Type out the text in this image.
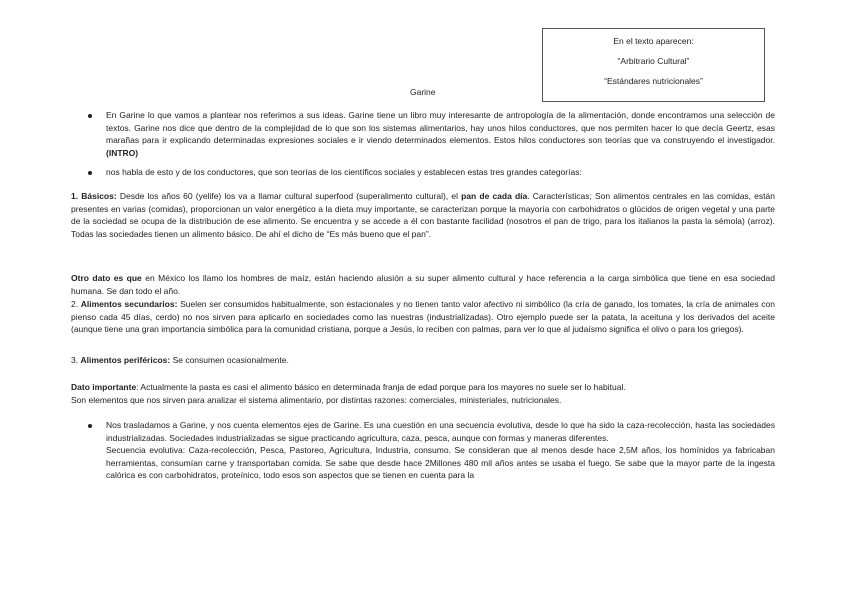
En el texto aparecen:

“Arbitrario Cultural”

“Estándares nutricionales”

Garine

En Garine lo que vamos a plantear nos referimos a sus ideas. Garine tiene un libro muy interesante de antropología de la alimentación, donde encontramos una selección de textos. Garine nos dice que dentro de la complejidad de lo que son los sistemas alimentarios, hay unos hilos conductores, que nos permiten hacer lo que decía Geertz, esas marañas para ir explicando determinadas expresiones sociales e ir viendo determinados elementos. Estos hilos conductores son teorías que va construyendo el investigador. (INTRO)

nos habla de esto y de los conductores, que son teorías de los científicos sociales y establecen estas tres grandes categorías:

1. Básicos: Desde los años 60 (yelife) los va a llamar cultural superfood (superalimento cultural), el pan de cada día. Características; Son alimentos centrales en las comidas, están presentes en varias (comidas), proporcionan un valor energético a la dieta muy importante, se caracterizan porque la mayoría con carbohidratos o glúcidos de origen vegetal y una parte de la sociedad se ocupa de la distribución de ese alimento. Se encuentra y se accede a él con bastante facilidad (nosotros el pan de trigo, para los italianos la pasta la sémola) (arroz). Todas las sociedades tienen un alimento básico. De ahí el dicho de “Es más bueno que el pan”.

Otro dato es que en México los llamo los hombres de maíz, están haciendo alusión a su super alimento cultural y hace referencia a la carga simbólica que tiene en esa sociedad humana. Se dan todo el año.

2. Alimentos secundarios: Suelen ser consumidos habitualmente, son estacionales y no tienen tanto valor afectivo ni simbólico (la cría de ganado, los tomates, la cría de animales con pienso cada 45 días, cerdo) no nos sirven para aplicarlo en sociedades como las nuestras (industrializadas). Otro ejemplo puede ser la patata, la aceituna y los derivados del aceite (aunque tiene una gran importancia simbólica para la comunidad cristiana, porque a Jesús, lo reciben con palmas, para ver lo que al judaísmo significa el olivo o para los griegos).

3. Alimentos periféricos: Se consumen ocasionalmente.

Dato importante: Actualmente la pasta es casi el alimento básico en determinada franja de edad porque para los mayores no suele ser lo habitual.
Son elementos que nos sirven para analizar el sistema alimentario, por distintas razones: comerciales, ministeriales, nutricionales.

Nos trasladamos a Garine, y nos cuenta elementos ejes de Garine. Es una cuestión en una secuencia evolutiva, desde lo que ha sido la caza-recolección, hasta las sociedades industrializadas. Sociedades industrializadas se sigue practicando agricultura, caza, pesca, aunque con formas y maneras diferentes.
Secuencia evolutiva: Caza-recolección, Pesca, Pastoreo, Agricultura, Industria, consumo. Se consideran que al menos desde hace 2,5M años, los homínidos ya fabricaban herramientas, consumían carne y transportaban comida. Se sabe que desde hace 2Millones 480 mil años antes se usaba el fuego. Se sabe que la mayor parte de la ingesta calórica es con carbohidratos, proteínico, todo esos son aspectos que se tienen en cuenta para la
